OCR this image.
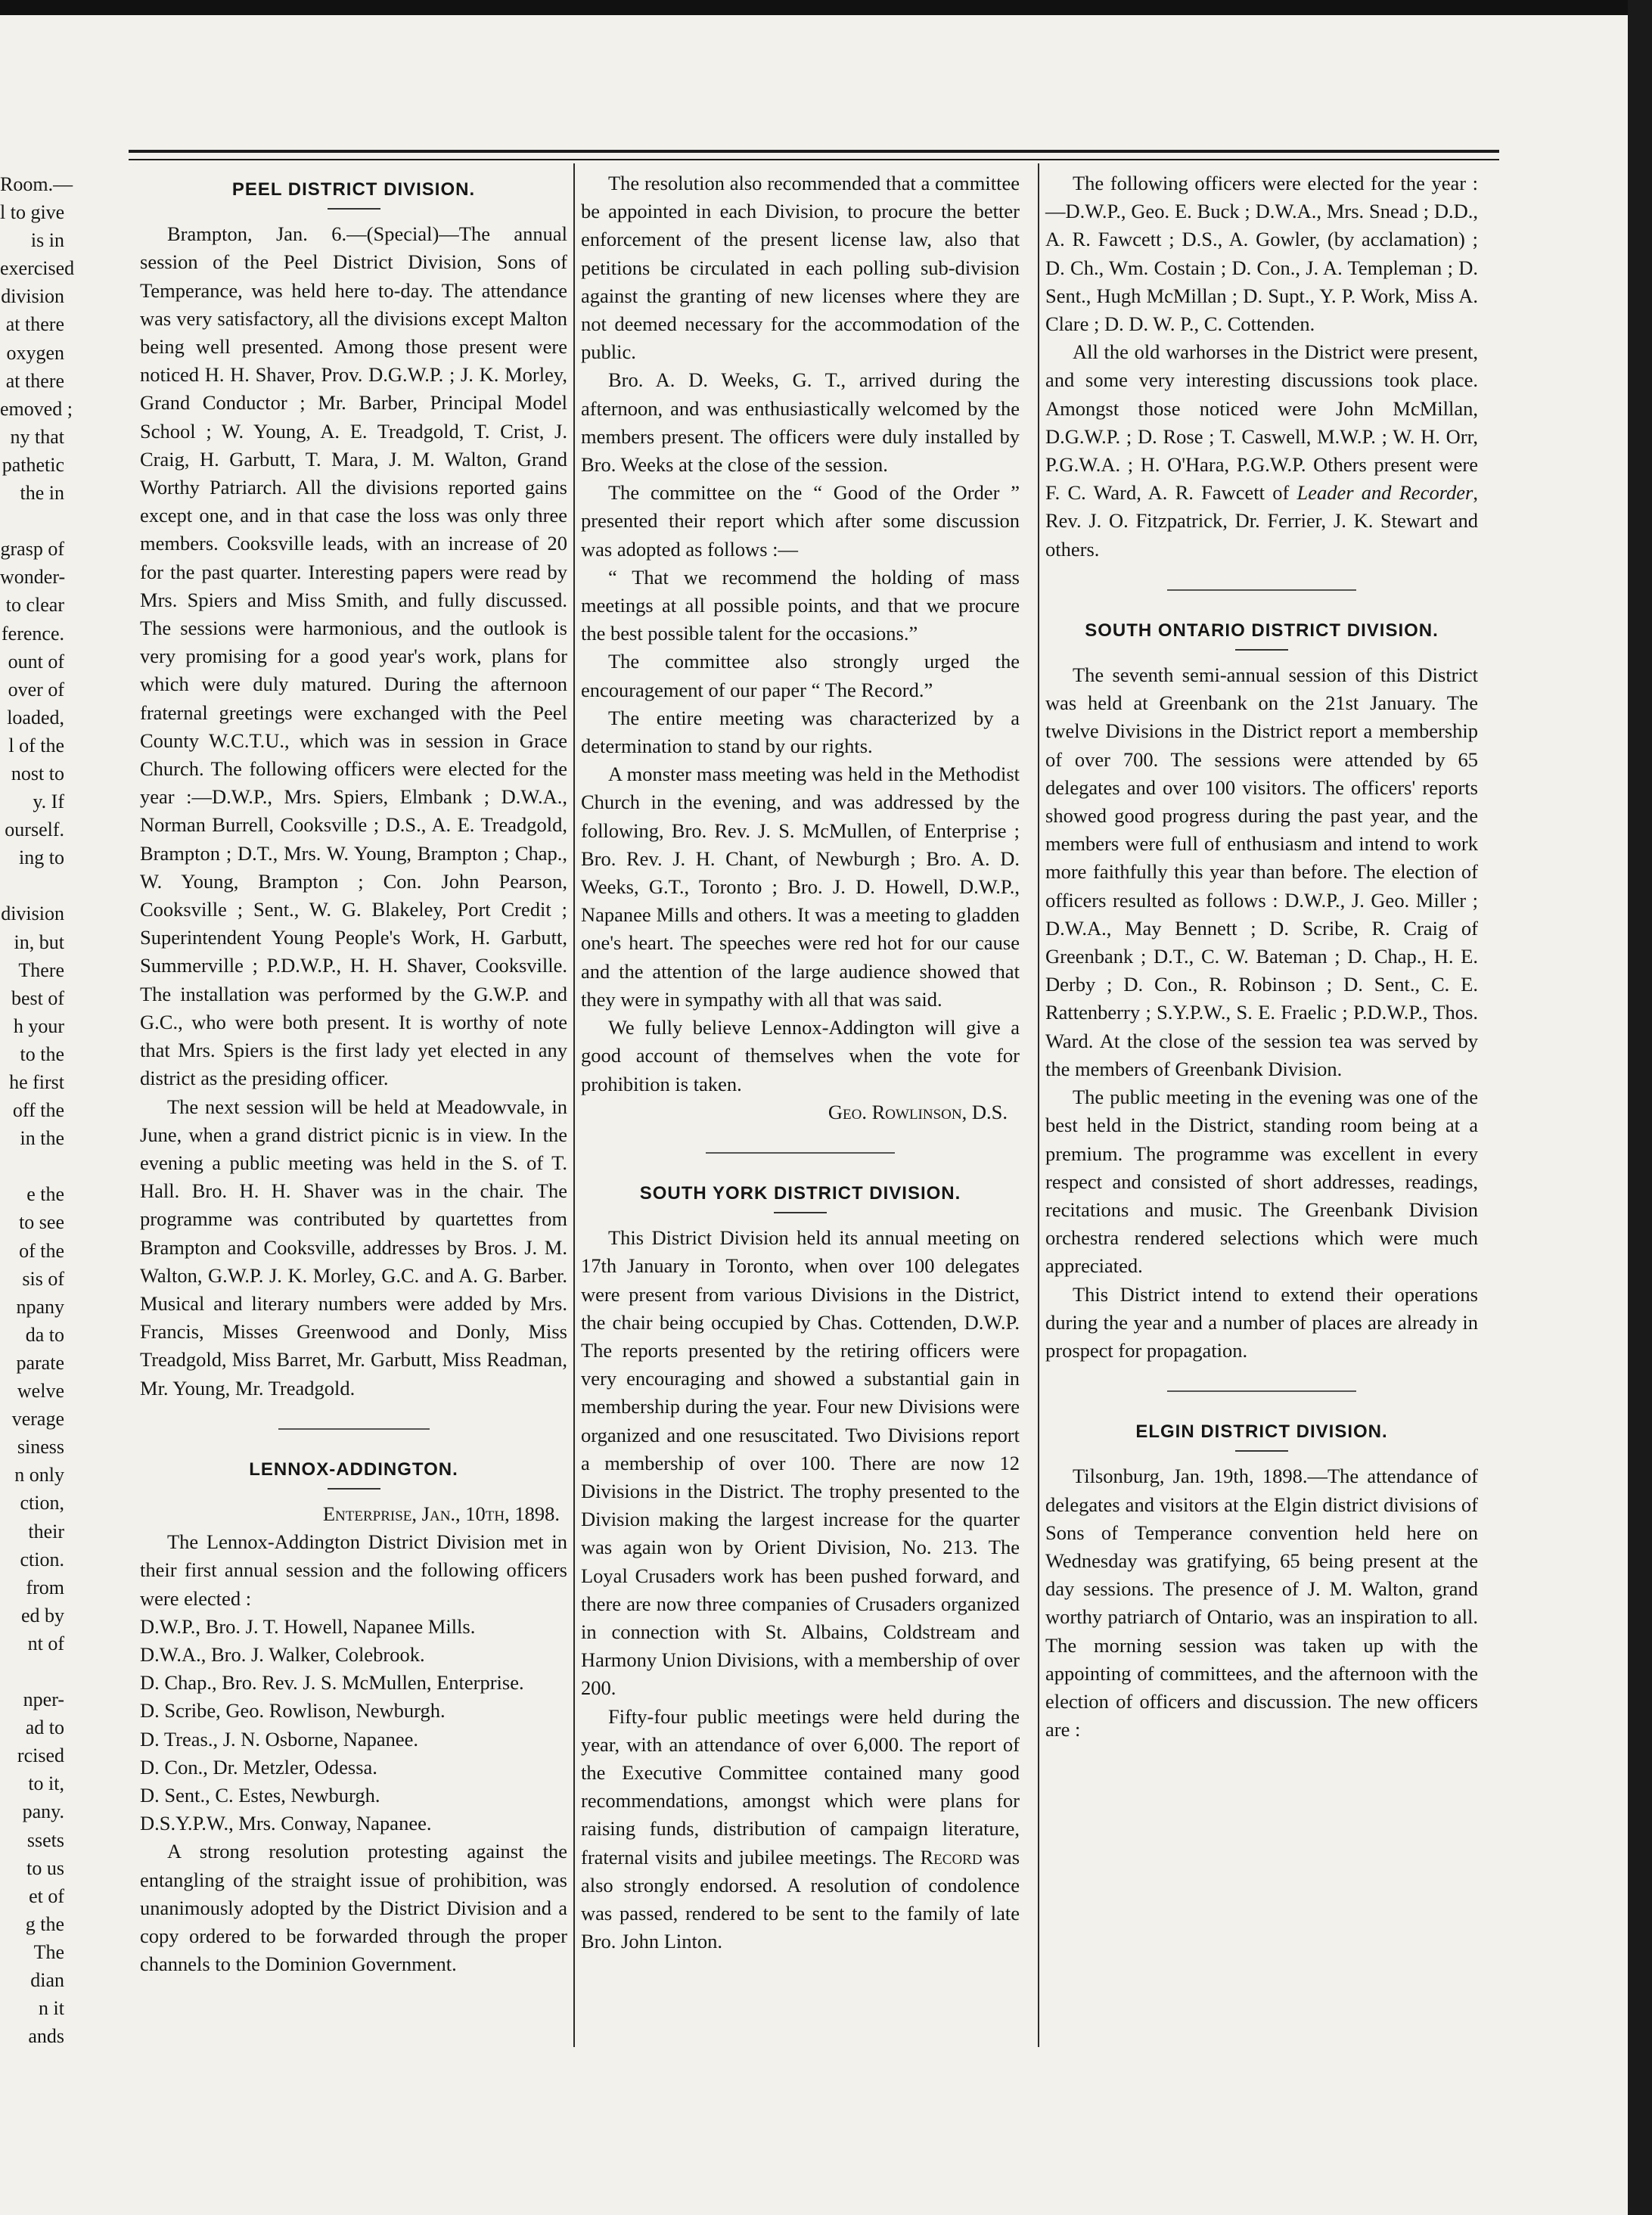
Room.—
l to give
is in
exercised
division
at there
oxygen
at there
emoved ;
ny that
pathetic
the in
grasp of
wonder-
to clear
ference.
ount of
over of
loaded,
l of the
nost to
y. If
ourself.
ing to
division
in, but
There
best of
h your
to the
he first
off the
in the
e the
to see
of the
sis of
npany
da to
parate
welve
verage
siness
n only
ction,
their
ction.
from
ed by
nt of
nper-
ad to
rcised
to it,
pany.
ssets
to us
et of
g the
The
dian
n it
ands
PEEL DISTRICT DIVISION.

Brampton, Jan. 6.—(Special)—The annual session of the Peel District Division, Sons of Temperance, was held here to-day. The attendance was very satisfactory, all the divisions except Malton being well presented. Among those present were noticed H. H. Shaver, Prov. D.G.W.P. ; J. K. Morley, Grand Conductor ; Mr. Barber, Principal Model School ; W. Young, A. E. Treadgold, T. Crist, J. Craig, H. Garbutt, T. Mara, J. M. Walton, Grand Worthy Patriarch. All the divisions reported gains except one, and in that case the loss was only three members. Cooksville leads, with an increase of 20 for the past quarter. Interesting papers were read by Mrs. Spiers and Miss Smith, and fully discussed. The sessions were harmonious, and the outlook is very promising for a good year's work, plans for which were duly matured. During the afternoon fraternal greetings were exchanged with the Peel County W.C.T.U., which was in session in Grace Church. The following officers were elected for the year :—D.W.P., Mrs. Spiers, Elmbank ; D.W.A., Norman Burrell, Cooksville ; D.S., A. E. Treadgold, Brampton ; D.T., Mrs. W. Young, Brampton ; Chap., W. Young, Brampton ; Con. John Pearson, Cooksville ; Sent., W. G. Blakeley, Port Credit ; Superintendent Young People's Work, H. Garbutt, Summerville ; P.D.W.P., H. H. Shaver, Cooksville. The installation was performed by the G.W.P. and G.C., who were both present. It is worthy of note that Mrs. Spiers is the first lady yet elected in any district as the presiding officer.

The next session will be held at Meadowvale, in June, when a grand district picnic is in view. In the evening a public meeting was held in the S. of T. Hall. Bro. H. H. Shaver was in the chair. The programme was contributed by quartettes from Brampton and Cooksville, addresses by Bros. J. M. Walton, G.W.P. J. K. Morley, G.C. and A. G. Barber. Musical and literary numbers were added by Mrs. Francis, Misses Greenwood and Donly, Miss Treadgold, Miss Barret, Mr. Garbutt, Miss Readman, Mr. Young, Mr. Treadgold.

LENNOX-ADDINGTON.

Enterprise, Jan., 10th, 1898.

The Lennox-Addington District Division met in their first annual session and the following officers were elected :

D.W.P., Bro. J. T. Howell, Napanee Mills.

D.W.A., Bro. J. Walker, Colebrook.

D. Chap., Bro. Rev. J. S. McMullen, Enterprise.

D. Scribe, Geo. Rowlison, Newburgh.

D. Treas., J. N. Osborne, Napanee.

D. Con., Dr. Metzler, Odessa.

D. Sent., C. Estes, Newburgh.

D.S.Y.P.W., Mrs. Conway, Napanee.

A strong resolution protesting against the entangling of the straight issue of prohibition, was unanimously adopted by the District Division and a copy ordered to be forwarded through the proper channels to the Dominion Government.

The resolution also recommended that a committee be appointed in each Division, to procure the better enforcement of the present license law, also that petitions be circulated in each polling sub-division against the granting of new licenses where they are not deemed necessary for the accommodation of the public.

Bro. A. D. Weeks, G. T., arrived during the afternoon, and was enthusiastically welcomed by the members present. The officers were duly installed by Bro. Weeks at the close of the session.

The committee on the “ Good of the Order ” presented their report which after some discussion was adopted as follows :—

“ That we recommend the holding of mass meetings at all possible points, and that we procure the best possible talent for the occasions.”

The committee also strongly urged the encouragement of our paper “ The Record.”

The entire meeting was characterized by a determination to stand by our rights.

A monster mass meeting was held in the Methodist Church in the evening, and was addressed by the following, Bro. Rev. J. S. McMullen, of Enterprise ; Bro. Rev. J. H. Chant, of Newburgh ; Bro. A. D. Weeks, G.T., Toronto ; Bro. J. D. Howell, D.W.P., Napanee Mills and others. It was a meeting to gladden one's heart. The speeches were red hot for our cause and the attention of the large audience showed that they were in sympathy with all that was said.

We fully believe Lennox-Addington will give a good account of themselves when the vote for prohibition is taken.

Geo. Rowlinson, D.S.

SOUTH YORK DISTRICT DIVISION.

This District Division held its annual meeting on 17th January in Toronto, when over 100 delegates were present from various Divisions in the District, the chair being occupied by Chas. Cottenden, D.W.P. The reports presented by the retiring officers were very encouraging and showed a substantial gain in membership during the year. Four new Divisions were organized and one resuscitated. Two Divisions report a membership of over 100. There are now 12 Divisions in the District. The trophy presented to the Division making the largest increase for the quarter was again won by Orient Division, No. 213. The Loyal Crusaders work has been pushed forward, and there are now three companies of Crusaders organized in connection with St. Albains, Coldstream and Harmony Union Divisions, with a membership of over 200.

Fifty-four public meetings were held during the year, with an attendance of over 6,000. The report of the Executive Committee contained many good recommendations, amongst which were plans for raising funds, distribution of campaign literature, fraternal visits and jubilee meetings. The Record was also strongly endorsed. A resolution of condolence was passed, rendered to be sent to the family of late Bro. John Linton.

The following officers were elected for the year :—D.W.P., Geo. E. Buck ; D.W.A., Mrs. Snead ; D.D., A. R. Fawcett ; D.S., A. Gowler, (by acclamation) ; D. Ch., Wm. Costain ; D. Con., J. A. Templeman ; D. Sent., Hugh McMillan ; D. Supt., Y. P. Work, Miss A. Clare ; D. D. W. P., C. Cottenden.

All the old warhorses in the District were present, and some very interesting discussions took place. Amongst those noticed were John McMillan, D.G.W.P. ; D. Rose ; T. Caswell, M.W.P. ; W. H. Orr, P.G.W.A. ; H. O'Hara, P.G.W.P. Others present were F. C. Ward, A. R. Fawcett of Leader and Recorder, Rev. J. O. Fitzpatrick, Dr. Ferrier, J. K. Stewart and others.

SOUTH ONTARIO DISTRICT DIVISION.

The seventh semi-annual session of this District was held at Greenbank on the 21st January. The twelve Divisions in the District report a membership of over 700. The sessions were attended by 65 delegates and over 100 visitors. The officers' reports showed good progress during the past year, and the members were full of enthusiasm and intend to work more faithfully this year than before. The election of officers resulted as follows : D.W.P., J. Geo. Miller ; D.W.A., May Bennett ; D. Scribe, R. Craig of Greenbank ; D.T., C. W. Bateman ; D. Chap., H. E. Derby ; D. Con., R. Robinson ; D. Sent., C. E. Rattenberry ; S.Y.P.W., S. E. Fraelic ; P.D.W.P., Thos. Ward. At the close of the session tea was served by the members of Greenbank Division.

The public meeting in the evening was one of the best held in the District, standing room being at a premium. The programme was excellent in every respect and consisted of short addresses, readings, recitations and music. The Greenbank Division orchestra rendered selections which were much appreciated.

This District intend to extend their operations during the year and a number of places are already in prospect for propagation.

ELGIN DISTRICT DIVISION.

Tilsonburg, Jan. 19th, 1898.—The attendance of delegates and visitors at the Elgin district divisions of Sons of Temperance convention held here on Wednesday was gratifying, 65 being present at the day sessions. The presence of J. M. Walton, grand worthy patriarch of Ontario, was an inspiration to all. The morning session was taken up with the appointing of committees, and the afternoon with the election of officers and discussion. The new officers are :
